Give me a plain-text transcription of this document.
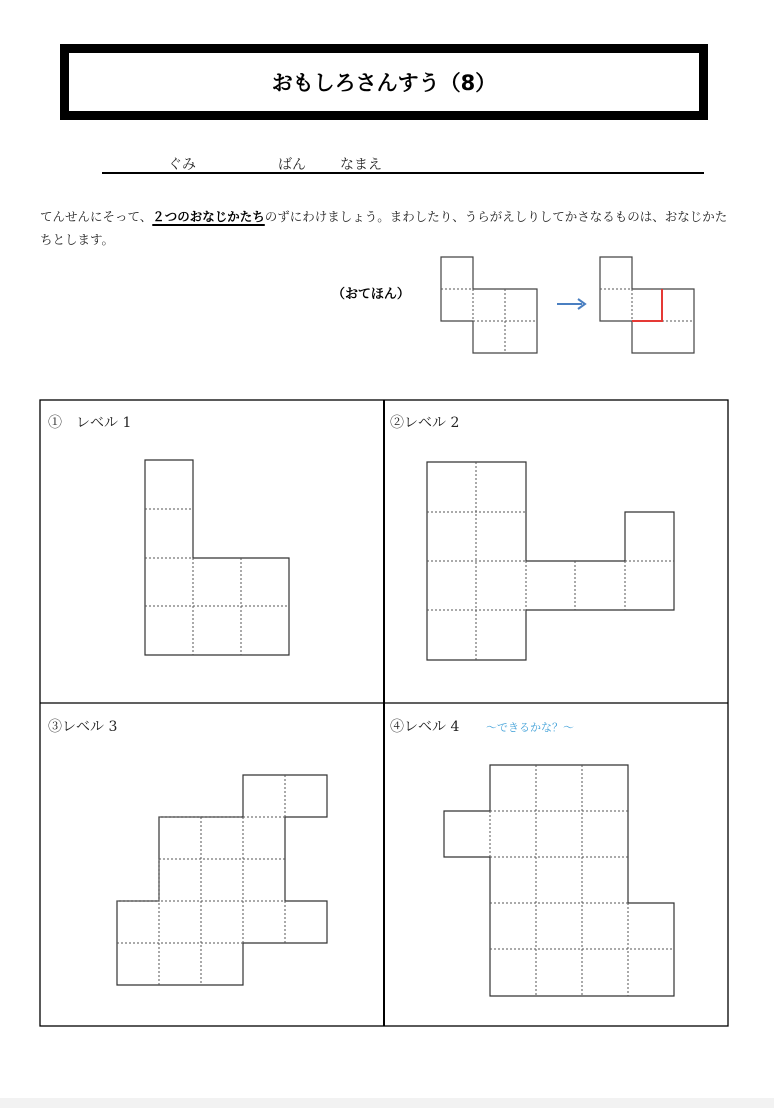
おもしろさんすう（8）
ぐみ	ばん なまえ
てんせんにそって、２つのおなじかたちのずにわけましょう。まわしたり、うらがえしりしてかさなるものは、おなじかたちとします。
（おてほん）
①　レベル 1	②レベル 2
③レベル 3	④レベル 4 ～できるかな？～
